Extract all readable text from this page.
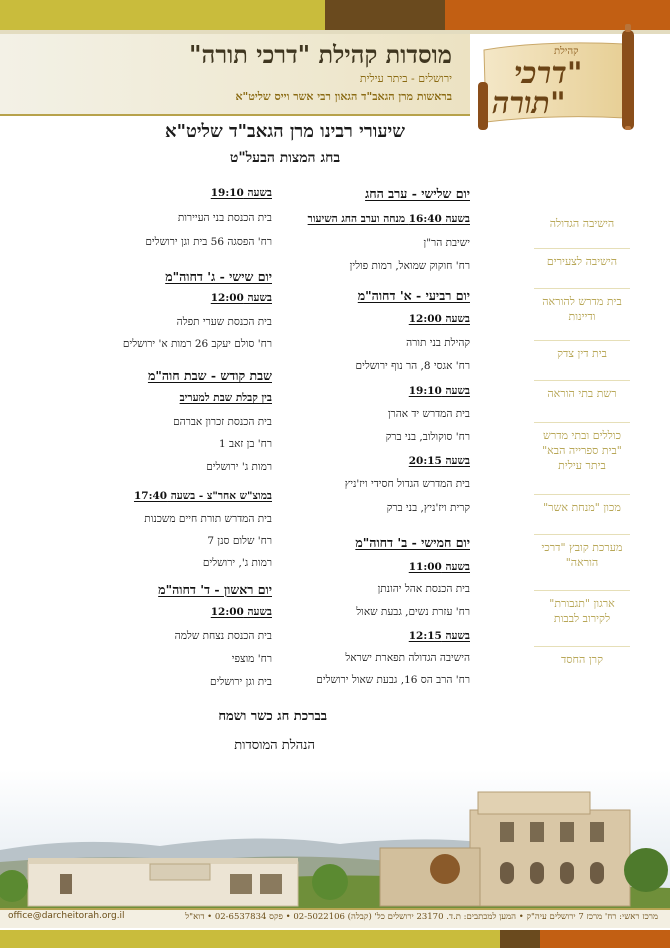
מוסדות קהילת "דרכי תורה"
ירושלים - ביתר עילית
בראשות מרן הגאב"ד הגאון רבי אשר וייס שליט"א
קהילת
דרכי"
תורה"
שיעורי רבינו מרן הגאב"ד שליט"א
בחג המצות הבעל"ט
הישיבה הגדולה
הישיבה לצעירים
בית מדרש להוראה ודיינות
בית דין צדק
רשת בתי הוראה
כוללים ובתי מדרש "בית ספרייה הבא" ביתר עילית
מכון "מנחת אשר"
מערכת קובץ "דרכי הוראה"
ארגון "תגבורת" לקירוב לבבות
קרן החסד
יום שלישי - ערב החג
בשעה 16:40 מנחה וערב החג השיעור
ישיבת הר"ן
רח' חוקוק שמואל, רמות פולין
יום רביעי - א' דחוה"מ
בשעה 12:00
קהילת בני תורה
רח' אגסי 8, הר נוף ירושלים
בשעה 19:10
בית המדרש יד אהרן
רח' סוקולוב, בני ברק
בשעה 20:15
בית המדרש הגדול חסידי ויז'ניץ
קרית ויז'ניץ, בני ברק
יום חמישי - ב' דחוה"מ
בשעה 11:00
בית הכנסת אהל יהונתן
רח' עזרת נשים, גבעת שאול
בשעה 12:15
הישיבה הגדולה תפארת ישראל
רח' הרב הס 16, גבעת שאול ירושלים
בשעה 19:10
בית הכנסת בני העיירות
רח' הפסגה 56 בית וגן ירושלים
יום שישי - ג' דחוה"מ
בשעה 12:00
בית הכנסת שערי תפלה
רח' סולם יעקב 26 רמות א' ירושלים
שבת קודש - שבת חוה"מ
בין קבלת שבת למעריב
בית הכנסת זכרון אברהם
רח' בן זאב 1
רמות ג' ירושלים
במוצ"ש אחר"צ - בשעה 17:40
בית המדרש תורת חיים משכנות
רח' שלום סנן 7
רמות ג', ירושלים
יום ראשון - ד' דחוה"מ
בשעה 12:00
בית הכנסת נצחת שלמה
רח' מוצפי
בית וגן ירושלים
בברכת חג כשר ושמח
הנהלת המוסדות
מרכז ראשי: רח' מרכז 7 ירושלים עיה"ק • המען למכתבים: ת.ד. 23170 ירושלים כל' (קבלה) 02-5022106 • פקס 02-6537834 • דוא"ל
office@darcheitorah.org.il
